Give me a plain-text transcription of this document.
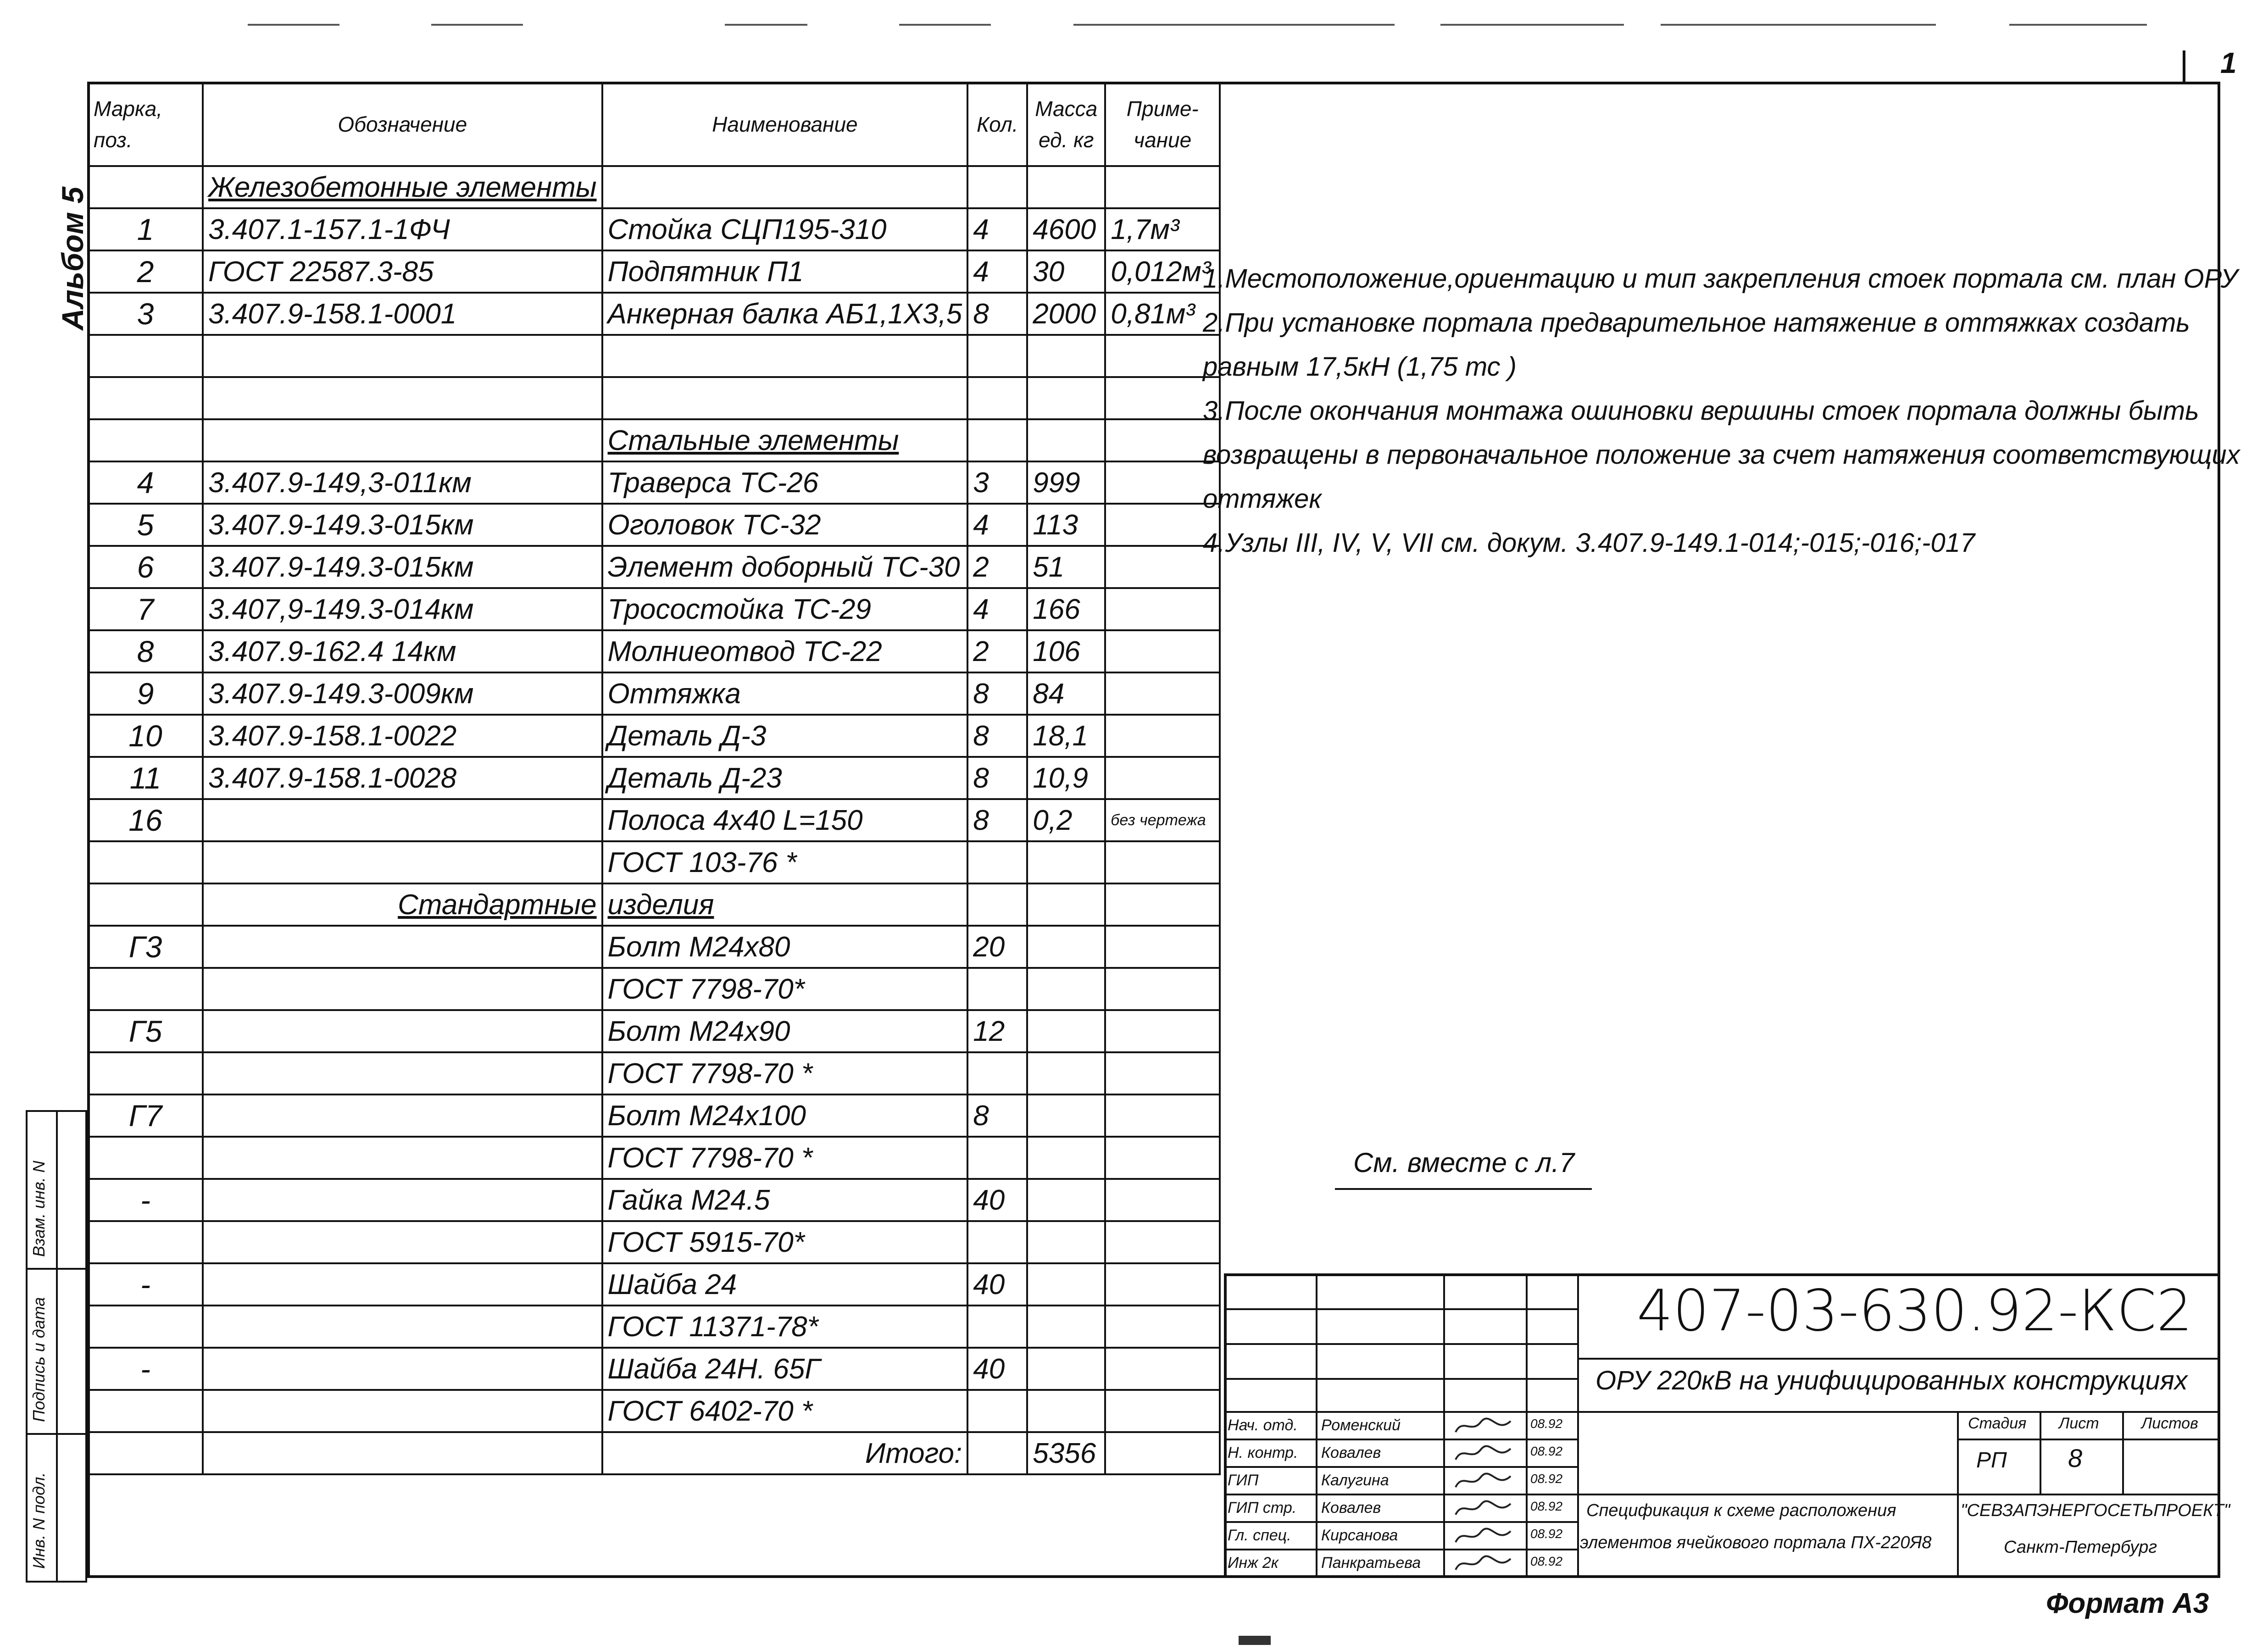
1
Альбом 5
Взам. инв. N
Подпись и дата
Инв. N подл.
Марка, поз.	Обозначение	Наименование	Кол.	Масса ед. кг	Приме- чание
	Железобетонные элементы				
1	3.407.1-157.1-1ФЧ	Стойка СЦП195-310	4	4600	1,7м³
2	ГОСТ 22587.3-85	Подпятник П1	4	30	0,012м³
3	3.407.9-158.1-0001	Анкерная балка АБ1,1Х3,5	8	2000	0,81м³

		Стальные элементы			
4	3.407.9-149,3-011км	Траверса ТС-26	3	999	
5	3.407.9-149.3-015км	Оголовок ТС-32	4	113	
6	3.407.9-149.3-015км	Элемент доборный ТС-30	2	51	
7	3.407,9-149.3-014км	Тросостойка ТС-29	4	166	
8	3.407.9-162.4 14км	Молниеотвод ТС-22	2	106	
9	3.407.9-149.3-009км	Оттяжка	8	84	
10	3.407.9-158.1-0022	Деталь Д-3	8	18,1	
11	3.407.9-158.1-0028	Деталь Д-23	8	10,9	
16		Полоса 4х40 L=150	8	0,2	без чертежа
		ГОСТ 103-76 *			
	Стандартные	изделия			
Г3		Болт М24х80	20		
		ГОСТ 7798-70*			
Г5		Болт М24х90	12		
		ГОСТ 7798-70 *			
Г7		Болт М24х100	8		
		ГОСТ 7798-70 *			
-		Гайка М24.5	40		
		ГОСТ 5915-70*			
-		Шайба 24	40		
		ГОСТ 11371-78*			
-		Шайба 24Н. 65Г	40		
		ГОСТ 6402-70 *			
		Итого:		5356	
1.Местоположение,ориентацию и тип закрепления стоек портала см. план ОРУ
2.При установке портала предварительное натяжение в оттяжках создать
равным 17,5кН (1,75 тс )
3.После окончания монтажа ошиновки вершины стоек портала должны быть
возвращены в первоначальное положение за счет натяжения соответствующих
оттяжек
4.Узлы III, IV, V, VII см. докум. 3.407.9-149.1-014;-015;-016;-017
См. вместе с л.7
407-03-630.92-КС2
ОРУ 220кВ на унифицированных конструкциях
Стадия Лист	Листов
РП 8
Спецификация к схеме расположения
элементов ячейкового портала ПХ-220Я8
"СЕВЗАПЭНЕРГОСЕТЬПРОЕКТ"
Санкт-Петербург
Нач. отд. Роменский	08.92
Н. контр. Ковалев	08.92
ГИП	Калугина	08.92
ГИП стр. Ковалев	08.92
Гл. спец. Кирсанова	08.92
Инж 2к	Панкратьева	08.92
Формат А3
